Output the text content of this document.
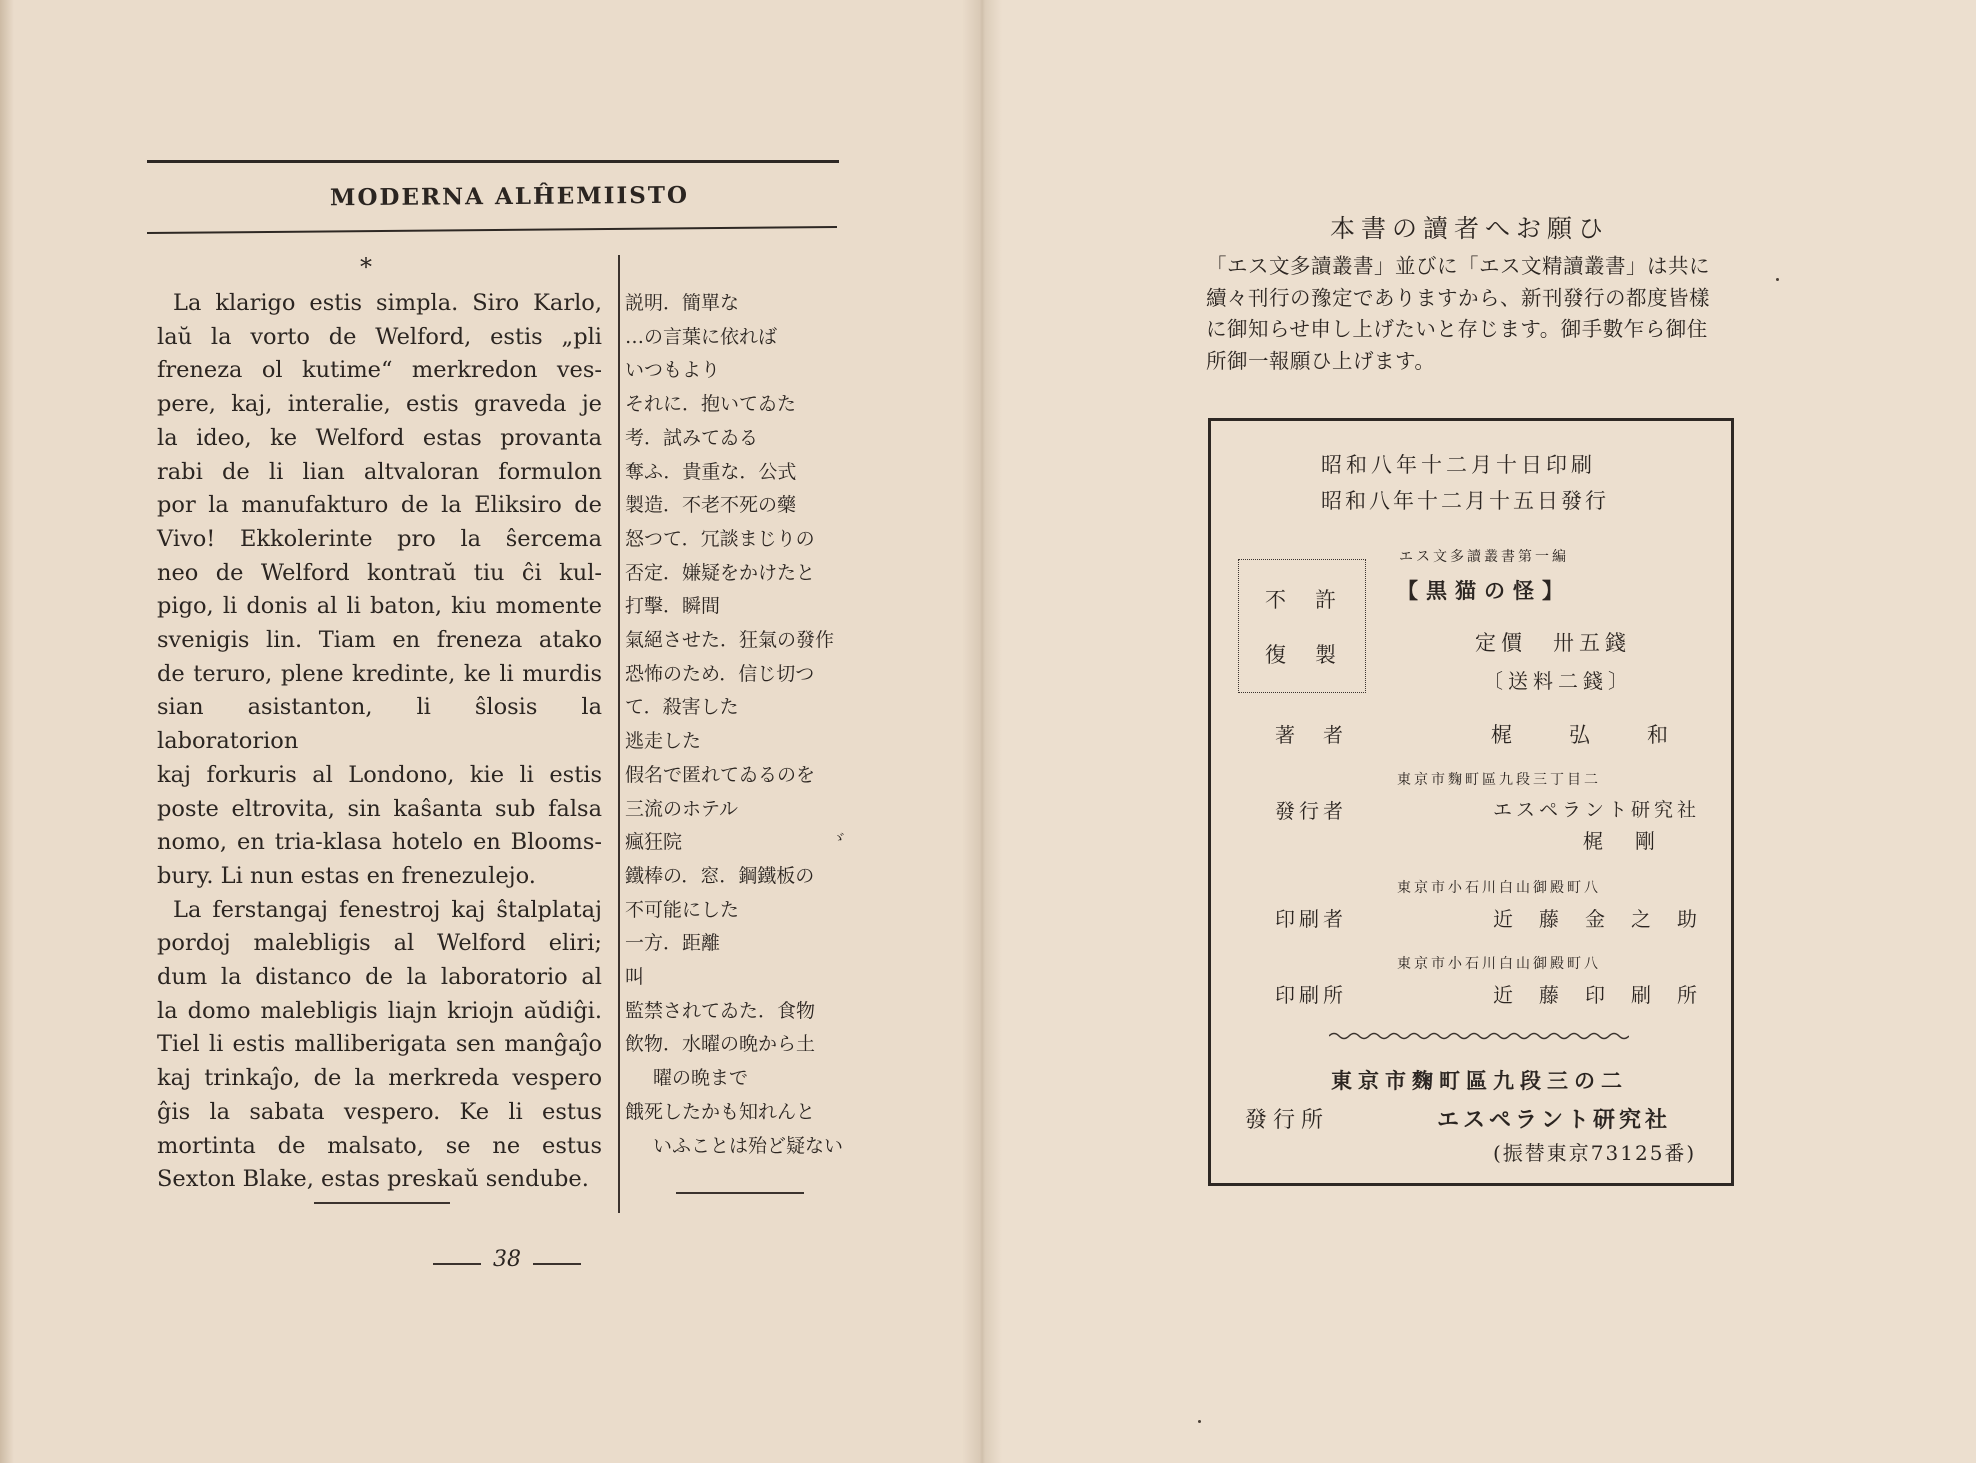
MODERNA ALĤEMIISTO
*
La klarigo estis simpla. Siro Karlo,
laŭ la vorto de Welford, estis „pli
freneza ol kutime“ merkredon ves-
pere, kaj, interalie, estis graveda je
la ideo, ke Welford estas provanta
rabi de li lian altvaloran formulon
por la manufakturo de la Eliksiro de
Vivo! Ekkolerinte pro la ŝercema
neo de Welford kontraŭ tiu ĉi kul-
pigo, li donis al li baton, kiu momente
svenigis lin. Tiam en freneza atako
de teruro, plene kredinte, ke li murdis
sian asistanton, li ŝlosis la laboratorion
kaj forkuris al Londono, kie li estis
poste eltrovita, sin kaŝanta sub falsa
nomo, en tria-klasa hotelo en Blooms-
bury. Li nun estas en frenezulejo.
La ferstangaj fenestroj kaj ŝtalplataj
pordoj malebligis al Welford eliri;
dum la distanco de la laboratorio al
la domo malebligis liajn kriojn aŭdiĝi.
Tiel li estis malliberigata sen manĝaĵo
kaj trinkaĵo, de la merkreda vespero
ĝis la sabata vespero. Ke li estus
mortinta de malsato, se ne estus
Sexton Blake, estas preskaŭ sendube.
説明．簡單な
…の言葉に依れば
いつもより
それに．抱いてゐた
考．試みてゐる
奪ふ．貴重な．公式
製造．不老不死の藥
怒つて．冗談まじりの
否定．嫌疑をかけたと
打擊．瞬間
氣絕させた．狂氣の發作
恐怖のため．信じ切つ
て．殺害した
逃走した
假名で匿れてゐるのを
三流のホテル
瘋狂院
鐵棒の．窓．鋼鐵板の
不可能にした
一方．距離
叫
監禁されてゐた．食物
飲物．水曜の晩から土
曜の晩まで
餓死したかも知れんと
いふことは殆ど疑ない
ゞ
38
本書の讀者へお願ひ
「エス文多讀叢書」並びに「エス文精讀叢書」は共に
續々刊行の豫定でありますから、新刊發行の都度皆樣
に御知らせ申し上げたいと存じます。御手數乍ら御住
所御一報願ひ上げます。
昭和八年十二月十日印刷
昭和八年十二月十五日發行
不　許
復　製
エス文多讀叢書第一編
【黒猫の怪】
定價　卅五錢
〔送料二錢〕
著　者	梶　　弘　　和
東京市麴町區九段三丁目二
發行者	エスペラント研究社
梶　剛
東京市小石川白山御殿町八
印刷者	近　藤　金　之　助
東京市小石川白山御殿町八
印刷所	近　藤　印　刷　所
東京市麴町區九段三の二
發行所	エスペラント研究社
(振替東京73125番)
